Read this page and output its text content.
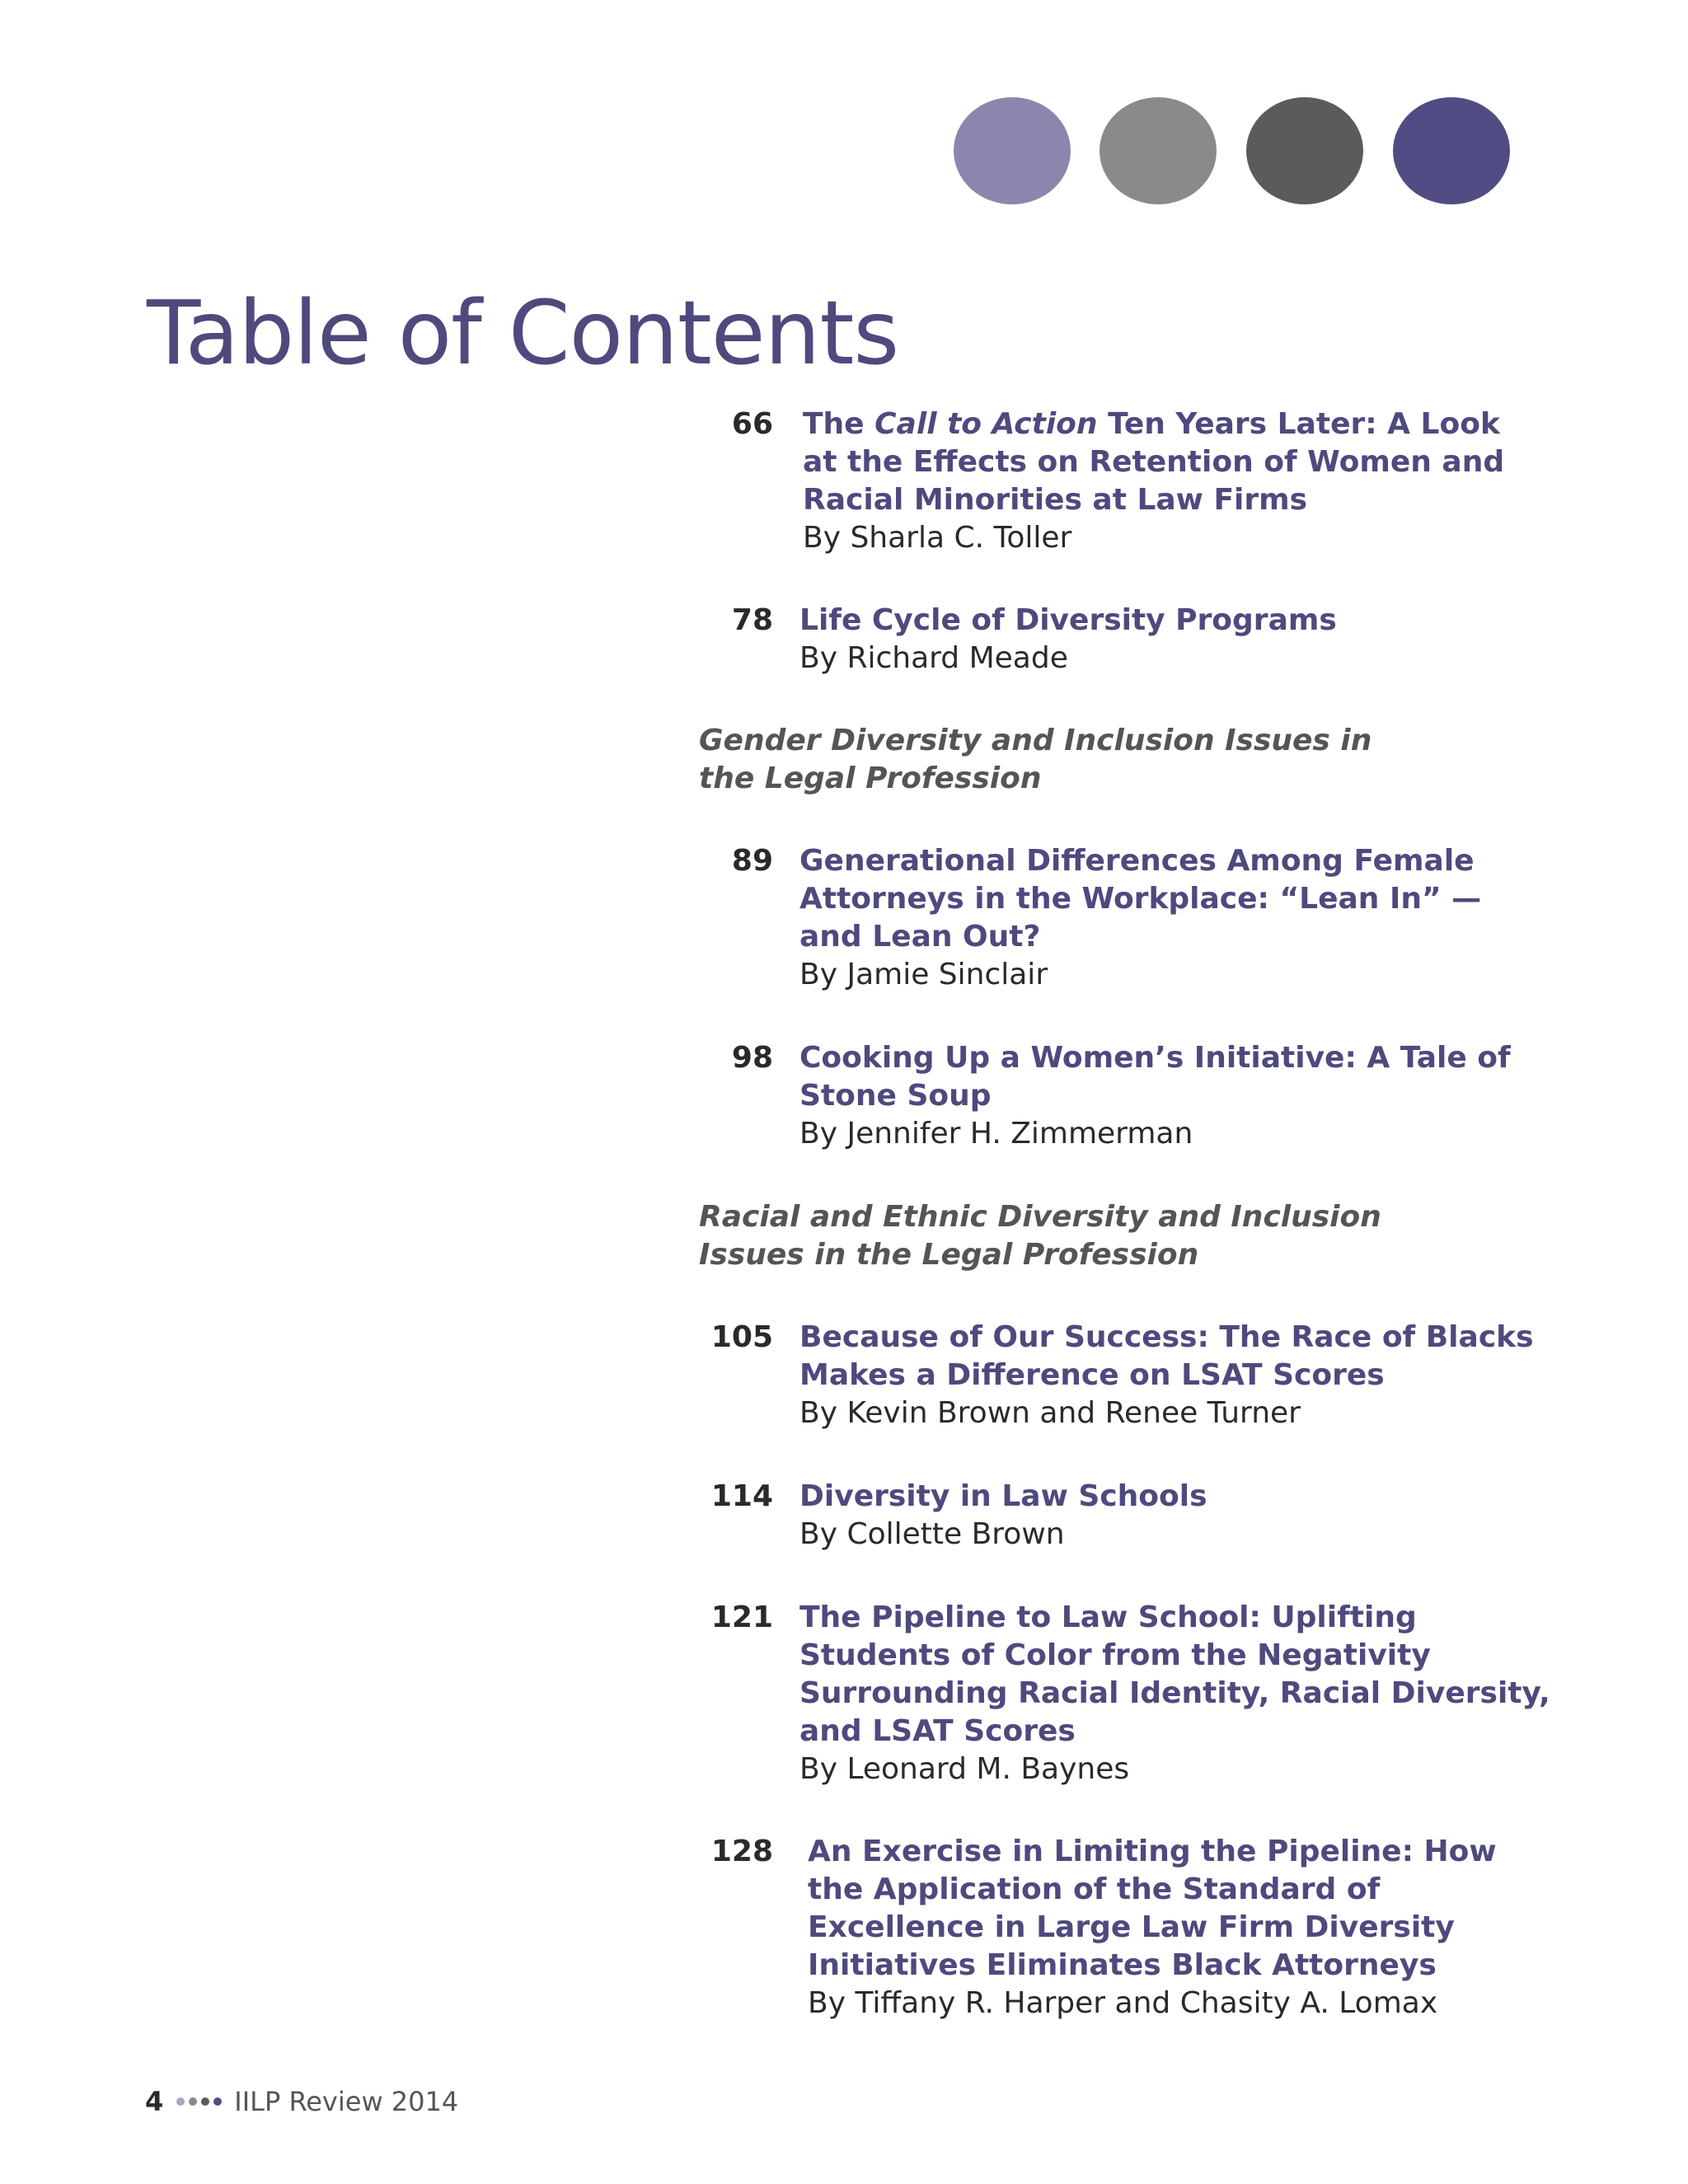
Table of Contents
66 The Call to Action Ten Years Later: A Look
at the Effects on Retention of Women and
Racial Minorities at Law Firms
By Sharla C. Toller
78 Life Cycle of Diversity Programs
By Richard Meade
Gender Diversity and Inclusion Issues in
the Legal Profession
89 Generational Differences Among Female
Attorneys in the Workplace: “Lean In” —
and Lean Out?
By Jamie Sinclair
98 Cooking Up a Women’s Initiative: A Tale of
Stone Soup
By Jennifer H. Zimmerman
Racial and Ethnic Diversity and Inclusion
Issues in the Legal Profession
105 Because of Our Success: The Race of Blacks
Makes a Difference on LSAT Scores
By Kevin Brown and Renee Turner
114 Diversity in Law Schools
By Collette Brown
121 The Pipeline to Law School: Uplifting
Students of Color from the Negativity
Surrounding Racial Identity, Racial Diversity,
and LSAT Scores
By Leonard M. Baynes
128 An Exercise in Limiting the Pipeline: How
the Application of the Standard of
Excellence in Large Law Firm Diversity
Initiatives Eliminates Black Attorneys
By Tiffany R. Harper and Chasity A. Lomax
4	IILP Review 2014
